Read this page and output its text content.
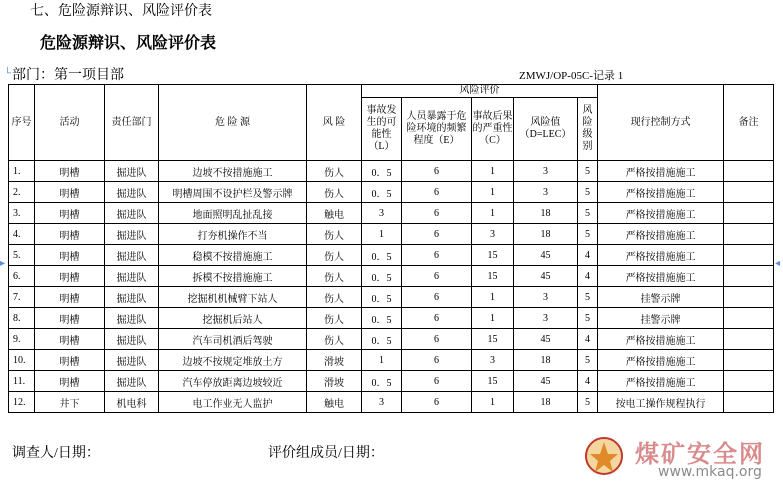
七、危险源辩识、风险评价表
危险源辩识、风险评价表
部门：第一项目部	ZMWJ/OP-05C-记录 1
序号	活动	责任部门	危 险 源	风 险	风险评价					现行控制方式	备注
					事故发生的可能性（L）	人员暴露于危险环境的频繁程度（E）	事故后果的严重性（C）	风险值（D=LEC）	风险级别		
1.	明槽	掘进队	边坡不按措施施工	伤人	0．5	6	1	3	5	严格按措施施工	
2.	明槽	掘进队	明槽周围不设护栏及警示牌	伤人	0．5	6	1	3	5	严格按措施施工	
3.	明槽	掘进队	地面照明乱扯乱接	触电	3	6	1	18	5	严格按措施施工	
4.	明槽	掘进队	打夯机操作不当	伤人	1	6	3	18	5	严格按措施施工	
5.	明槽	掘进队	稳模不按措施施工	伤人	0．5	6	15	45	4	严格按措施施工	
6.	明槽	掘进队	拆模不按措施施工	伤人	0．5	6	15	45	4	严格按措施施工	
7.	明槽	掘进队	挖掘机机械臂下站人	伤人	0．5	6	1	3	5	挂警示牌	
8.	明槽	掘进队	挖掘机后站人	伤人	0．5	6	1	3	5	挂警示牌	
9.	明槽	掘进队	汽车司机酒后驾驶	伤人	0．5	6	15	45	4	严格按措施施工	
10.	明槽	掘进队	边坡不按规定堆放土方	滑坡	1	6	3	18	5	严格按措施施工	
11.	明槽	掘进队	汽车停放距离边坡较近	滑坡	0．5	6	15	45	4	严格按措施施工	
12.	井下	机电科	电工作业无人监护	触电	3	6	1	18	5	按电工操作规程执行	
调查人/日期：	评价组成员/日期：	煤矿安全网
www.mkaq.org
└
▸	◂
